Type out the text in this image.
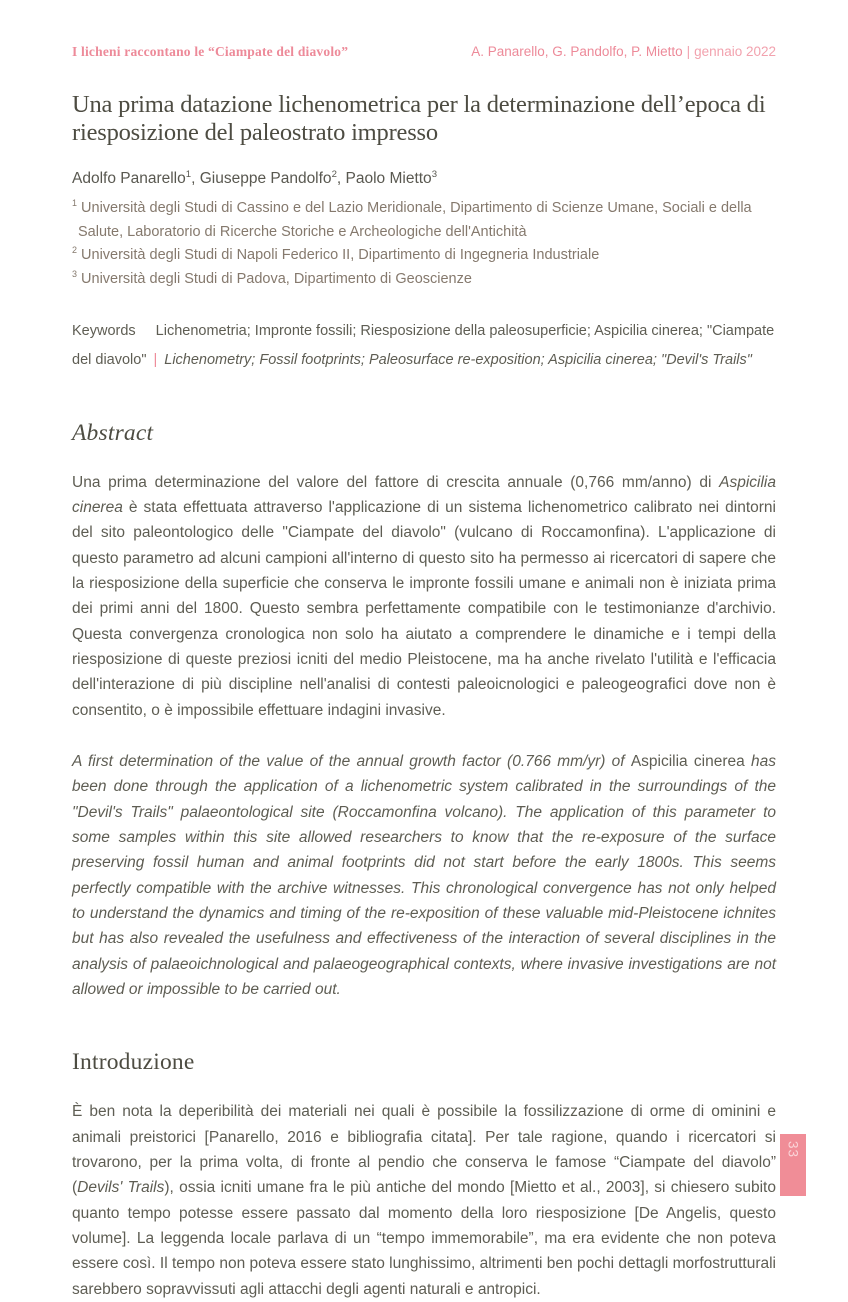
I licheni raccontano le “Ciampate del diavolo”	A. Panarello, G. Pandolfo, P. Mietto | gennaio 2022
Una prima datazione lichenometrica per la determinazione dell’epoca di riesposizione del paleostrato impresso
Adolfo Panarello$^1$, Giuseppe Pandolfo$^2$, Paolo Mietto$^3$
$^1$ Università degli Studi di Cassino e del Lazio Meridionale, Dipartimento di Scienze Umane, Sociali e della Salute, Laboratorio di Ricerche Storiche e Archeologiche dell'Antichità
$^2$ Università degli Studi di Napoli Federico II, Dipartimento di Ingegneria Industriale
$^3$ Università degli Studi di Padova, Dipartimento di Geoscienze
Keywords Lichenometria; Impronte fossili; Riesposizione della paleosuperficie; Aspicilia cinerea; "Ciampate del diavolo" | Lichenometry; Fossil footprints; Paleosurface re-exposition; Aspicilia cinerea; "Devil's Trails"
Abstract

Una prima determinazione del valore del fattore di crescita annuale (0,766 mm/anno) di Aspicilia cinerea è stata effettuata attraverso l'applicazione di un sistema lichenometrico calibrato nei dintorni del sito paleontologico delle "Ciampate del diavolo" (vulcano di Roccamonfina). L'applicazione di questo parametro ad alcuni campioni all'interno di questo sito ha permesso ai ricercatori di sapere che la riesposizione della superficie che conserva le impronte fossili umane e animali non è iniziata prima dei primi anni del 1800. Questo sembra perfettamente compatibile con le testimonianze d'archivio. Questa convergenza cronologica non solo ha aiutato a comprendere le dinamiche e i tempi della riesposizione di queste preziosi icniti del medio Pleistocene, ma ha anche rivelato l'utilità e l'efficacia dell'interazione di più discipline nell'analisi di contesti paleoicnologici e paleogeografici dove non è consentito, o è impossibile effettuare indagini invasive.

A first determination of the value of the annual growth factor (0.766 mm/yr) of Aspicilia cinerea has been done through the application of a lichenometric system calibrated in the surroundings of the "Devil's Trails" palaeontological site (Roccamonfina volcano). The application of this parameter to some samples within this site allowed researchers to know that the re-exposure of the surface preserving fossil human and animal footprints did not start before the early 1800s. This seems perfectly compatible with the archive witnesses. This chronological convergence has not only helped to understand the dynamics and timing of the re-exposition of these valuable mid-Pleistocene ichnites but has also revealed the usefulness and effectiveness of the interaction of several disciplines in the analysis of palaeoichnological and palaeogeographical contexts, where invasive investigations are not allowed or impossible to be carried out.

Introduzione

È ben nota la deperibilità dei materiali nei quali è possibile la fossilizzazione di orme di ominini e animali preistorici [Panarello, 2016 e bibliografia citata]. Per tale ragione, quando i ricercatori si trovarono, per la prima volta, di fronte al pendio che conserva le famose “Ciampate del diavolo” (Devils' Trails), ossia icniti umane fra le più antiche del mondo [Mietto et al., 2003], si chiesero subito quanto tempo potesse essere passato dal momento della loro riesposizione [De Angelis, questo volume]. La leggenda locale parlava di un “tempo immemorabile”, ma era evidente che non poteva essere così. Il tempo non poteva essere stato lunghissimo, altrimenti ben pochi dettagli morfostrutturali sarebbero sopravvissuti agli attacchi degli agenti naturali e antropici.

33
